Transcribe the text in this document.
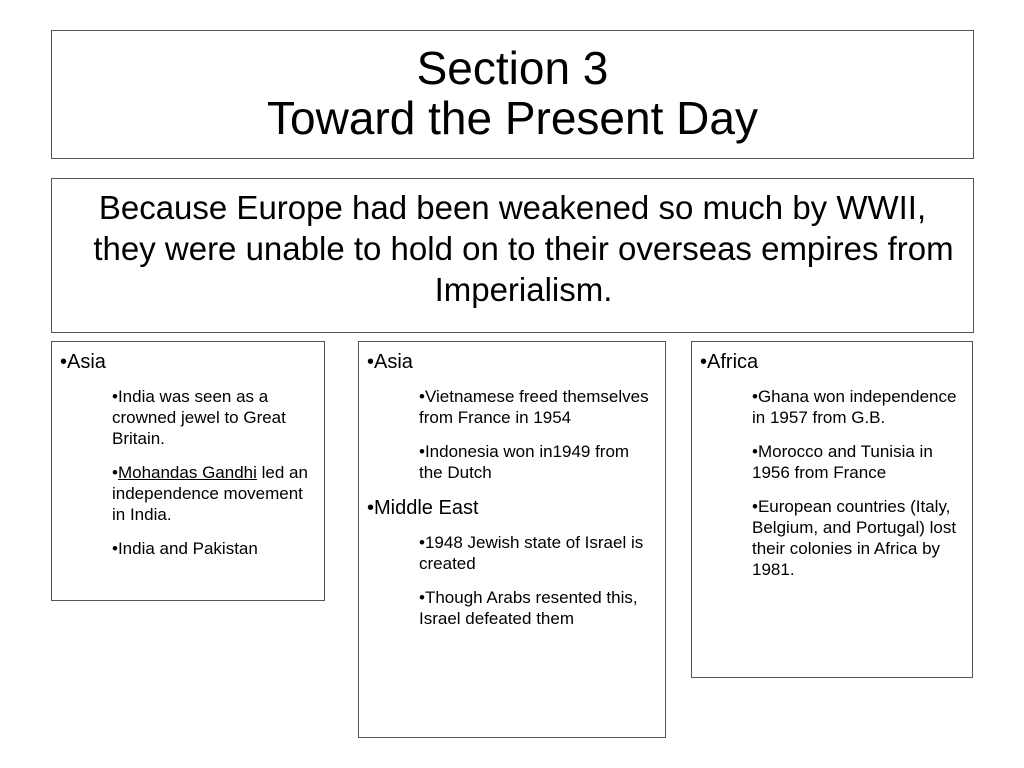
Section 3
Toward the Present Day

Because Europe had been weakened so much by WWII, they were unable to hold on to their overseas empires from Imperialism.

•Asia
•India was seen as a crowned jewel to Great Britain.
•Mohandas Gandhi led an independence movement in India.
•India and Pakistan
•Asia
•Vietnamese freed themselves from France in 1954
•Indonesia won in1949 from the Dutch
•Middle East
•1948 Jewish state of Israel is created
•Though Arabs resented this, Israel defeated them
•Africa
•Ghana won independence in 1957 from G.B.
•Morocco and Tunisia in 1956 from France
•European countries (Italy, Belgium, and Portugal) lost their colonies in Africa by 1981.
